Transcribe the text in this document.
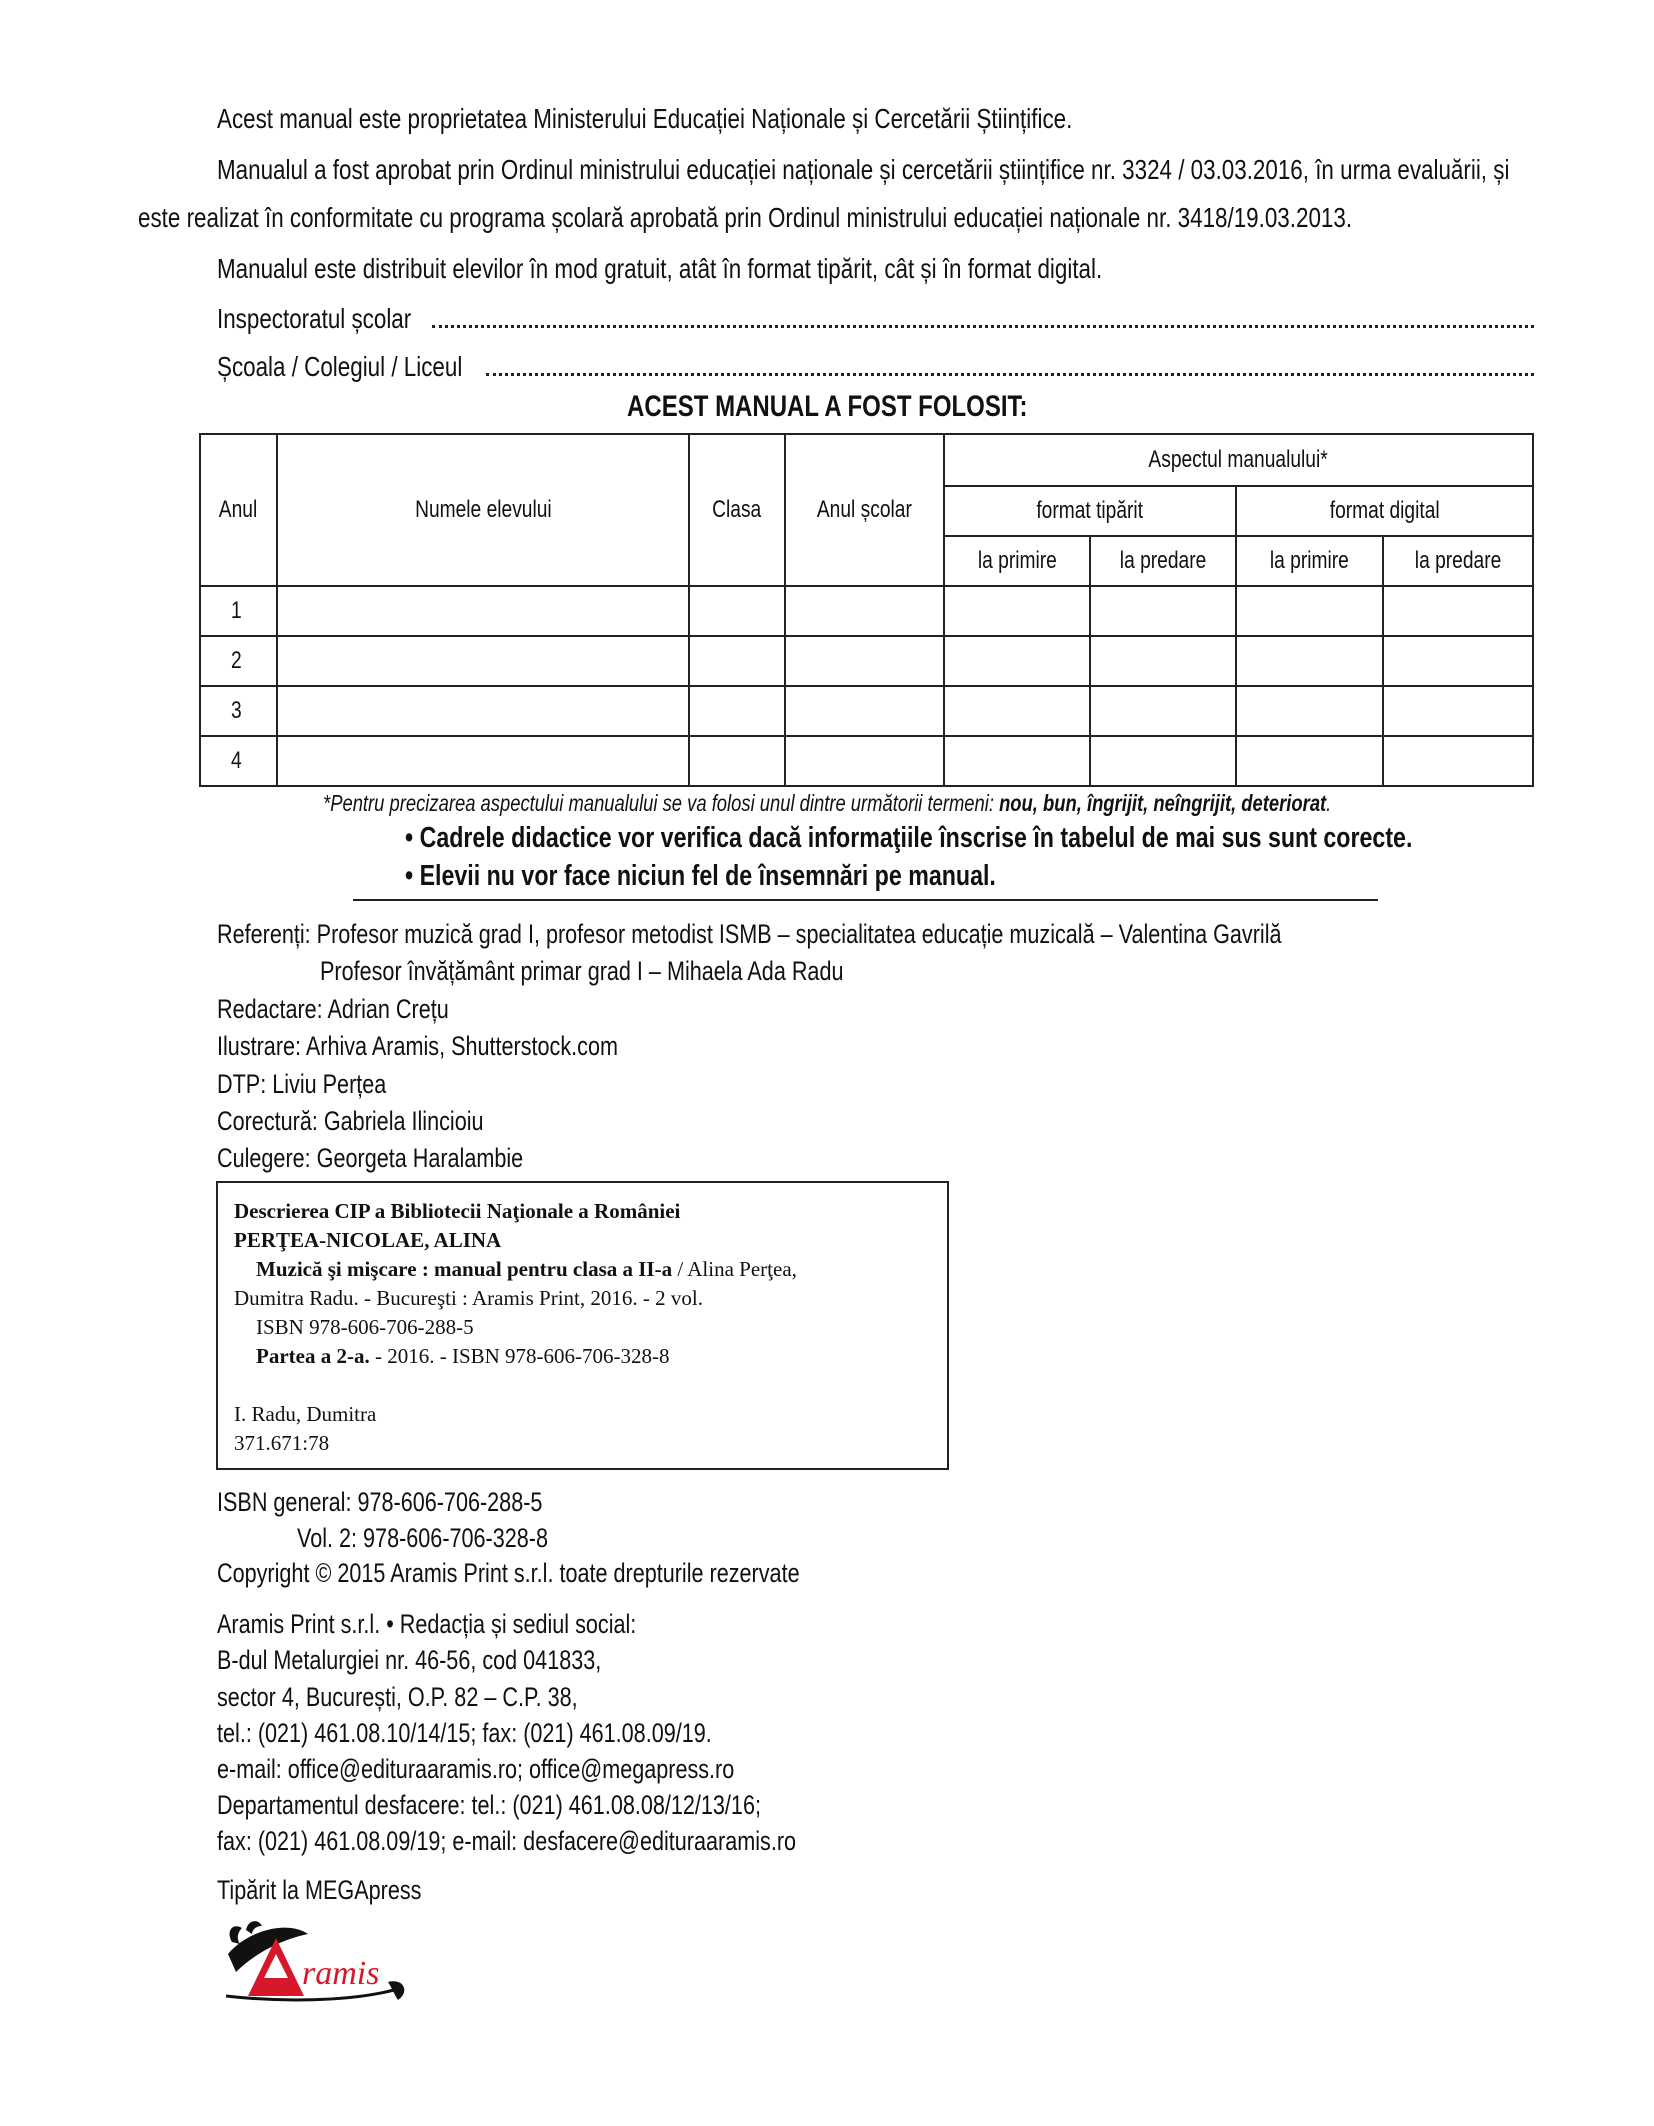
Acest manual este proprietatea Ministerului Educației Naționale și Cercetării Științifice.
Manualul a fost aprobat prin Ordinul ministrului educației naționale și cercetării științifice nr. 3324 / 03.03.2016, în urma evaluării, și
este realizat în conformitate cu programa școlară aprobată prin Ordinul ministrului educației naționale nr. 3418/19.03.2013.
Manualul este distribuit elevilor în mod gratuit, atât în format tipărit, cât și în format digital.
Inspectoratul școlar
Școala / Colegiul / Liceul
ACEST MANUAL A FOST FOLOSIT:
Anul	Numele elevului	Clasa	Anul școlar	Aspectul manualului*			
				format tipărit		format digital	
				la primire	la predare	la primire	la predare
1							
2							
3							
4							
*Pentru precizarea aspectului manualului se va folosi unul dintre următorii termeni: nou, bun, îngrijit, neîngrijit, deteriorat.
• Cadrele didactice vor verifica dacă informaţiile înscrise în tabelul de mai sus sunt corecte.
• Elevii nu vor face niciun fel de însemnări pe manual.
Referenți: Profesor muzică grad I, profesor metodist ISMB – specialitatea educație muzicală – Valentina Gavrilă
Profesor învățământ primar grad I – Mihaela Ada Radu
Redactare: Adrian Crețu
Ilustrare: Arhiva Aramis, Shutterstock.com
DTP: Liviu Perțea
Corectură: Gabriela Ilincioiu
Culegere: Georgeta Haralambie
Descrierea CIP a Bibliotecii Naţionale a României
PERŢEA-NICOLAE, ALINA
Muzică şi mişcare : manual pentru clasa a II-a / Alina Perţea,
Dumitra Radu. - Bucureşti : Aramis Print, 2016. - 2 vol.
ISBN 978-606-706-288-5
Partea a 2-a. - 2016. - ISBN 978-606-706-328-8
I. Radu, Dumitra
371.671:78
ISBN general: 978-606-706-288-5
Vol. 2: 978-606-706-328-8
Copyright © 2015 Aramis Print s.r.l. toate drepturile rezervate
Aramis Print s.r.l. • Redacția și sediul social:
B-dul Metalurgiei nr. 46-56, cod 041833,
sector 4, București, O.P. 82 – C.P. 38,
tel.: (021) 461.08.10/14/15; fax: (021) 461.08.09/19.
e-mail: office@edituraaramis.ro; office@megapress.ro
Departamentul desfacere: tel.: (021) 461.08.08/12/13/16;
fax: (021) 461.08.09/19; e-mail: desfacere@edituraaramis.ro
Tipărit la MEGApress
ramis
